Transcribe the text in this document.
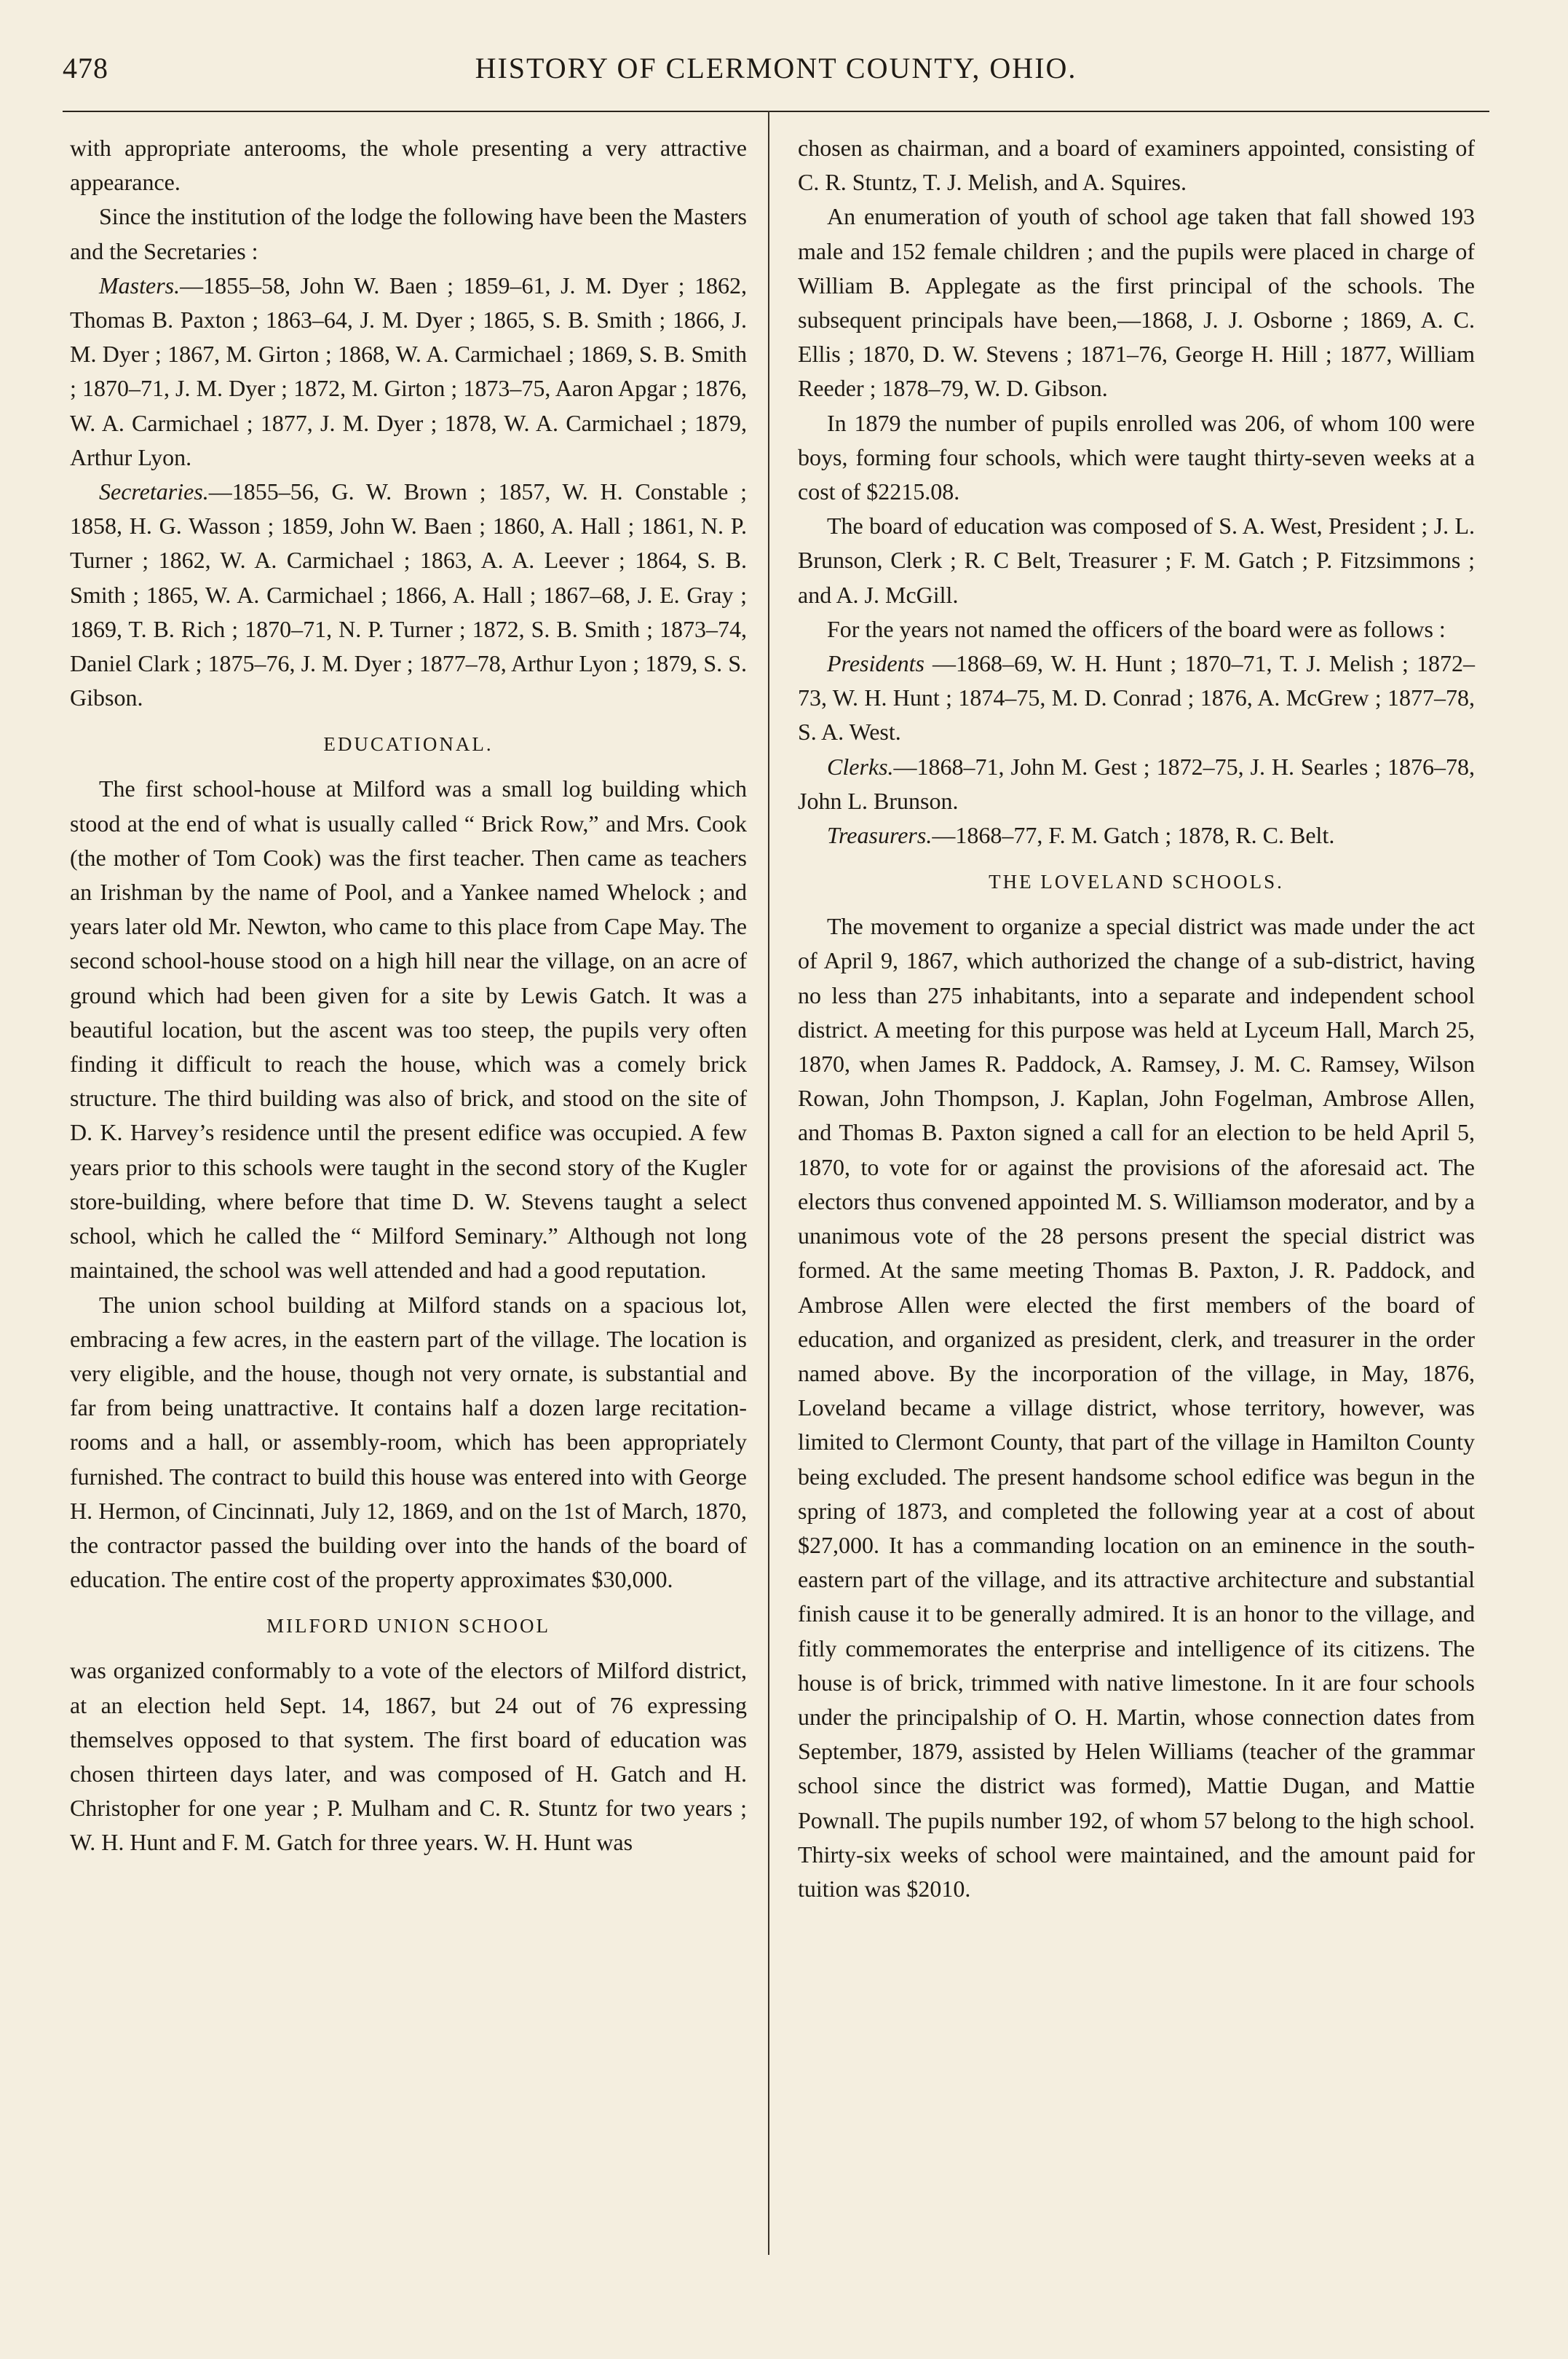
478	HISTORY OF CLERMONT COUNTY, OHIO.

with appropriate anterooms, the whole presenting a very attractive appearance.

Since the institution of the lodge the following have been the Masters and the Secretaries :

Masters.—1855–58, John W. Baen ; 1859–61, J. M. Dyer ; 1862, Thomas B. Paxton ; 1863–64, J. M. Dyer ; 1865, S. B. Smith ; 1866, J. M. Dyer ; 1867, M. Girton ; 1868, W. A. Carmichael ; 1869, S. B. Smith ; 1870–71, J. M. Dyer ; 1872, M. Girton ; 1873–75, Aaron Apgar ; 1876, W. A. Carmichael ; 1877, J. M. Dyer ; 1878, W. A. Carmichael ; 1879, Arthur Lyon.

Secretaries.—1855–56, G. W. Brown ; 1857, W. H. Constable ; 1858, H. G. Wasson ; 1859, John W. Baen ; 1860, A. Hall ; 1861, N. P. Turner ; 1862, W. A. Carmichael ; 1863, A. A. Leever ; 1864, S. B. Smith ; 1865, W. A. Carmichael ; 1866, A. Hall ; 1867–68, J. E. Gray ; 1869, T. B. Rich ; 1870–71, N. P. Turner ; 1872, S. B. Smith ; 1873–74, Daniel Clark ; 1875–76, J. M. Dyer ; 1877–78, Arthur Lyon ; 1879, S. S. Gibson.

EDUCATIONAL.

The first school-house at Milford was a small log building which stood at the end of what is usually called “ Brick Row,” and Mrs. Cook (the mother of Tom Cook) was the first teacher. Then came as teachers an Irishman by the name of Pool, and a Yankee named Whelock ; and years later old Mr. Newton, who came to this place from Cape May. The second school-house stood on a high hill near the village, on an acre of ground which had been given for a site by Lewis Gatch. It was a beautiful location, but the ascent was too steep, the pupils very often finding it difficult to reach the house, which was a comely brick structure. The third building was also of brick, and stood on the site of D. K. Harvey’s residence until the present edifice was occupied. A few years prior to this schools were taught in the second story of the Kugler store-building, where before that time D. W. Stevens taught a select school, which he called the “ Milford Seminary.” Although not long maintained, the school was well attended and had a good reputation.

The union school building at Milford stands on a spacious lot, embracing a few acres, in the eastern part of the village. The location is very eligible, and the house, though not very ornate, is substantial and far from being unattractive. It contains half a dozen large recitation-rooms and a hall, or assembly-room, which has been appropriately furnished. The contract to build this house was entered into with George H. Hermon, of Cincinnati, July 12, 1869, and on the 1st of March, 1870, the contractor passed the building over into the hands of the board of education. The entire cost of the property approximates $30,000.

MILFORD UNION SCHOOL

was organized conformably to a vote of the electors of Milford district, at an election held Sept. 14, 1867, but 24 out of 76 expressing themselves opposed to that system. The first board of education was chosen thirteen days later, and was composed of H. Gatch and H. Christopher for one year ; P. Mulham and C. R. Stuntz for two years ; W. H. Hunt and F. M. Gatch for three years. W. H. Hunt was

chosen as chairman, and a board of examiners appointed, consisting of C. R. Stuntz, T. J. Melish, and A. Squires.

An enumeration of youth of school age taken that fall showed 193 male and 152 female children ; and the pupils were placed in charge of William B. Applegate as the first principal of the schools. The subsequent principals have been,—1868, J. J. Osborne ; 1869, A. C. Ellis ; 1870, D. W. Stevens ; 1871–76, George H. Hill ; 1877, William Reeder ; 1878–79, W. D. Gibson.

In 1879 the number of pupils enrolled was 206, of whom 100 were boys, forming four schools, which were taught thirty-seven weeks at a cost of $2215.08.

The board of education was composed of S. A. West, President ; J. L. Brunson, Clerk ; R. C Belt, Treasurer ; F. M. Gatch ; P. Fitzsimmons ; and A. J. McGill.

For the years not named the officers of the board were as follows :

Presidents —1868–69, W. H. Hunt ; 1870–71, T. J. Melish ; 1872–73, W. H. Hunt ; 1874–75, M. D. Conrad ; 1876, A. McGrew ; 1877–78, S. A. West.

Clerks.—1868–71, John M. Gest ; 1872–75, J. H. Searles ; 1876–78, John L. Brunson.

Treasurers.—1868–77, F. M. Gatch ; 1878, R. C. Belt.

THE LOVELAND SCHOOLS.

The movement to organize a special district was made under the act of April 9, 1867, which authorized the change of a sub-district, having no less than 275 inhabitants, into a separate and independent school district. A meeting for this purpose was held at Lyceum Hall, March 25, 1870, when James R. Paddock, A. Ramsey, J. M. C. Ramsey, Wilson Rowan, John Thompson, J. Kaplan, John Fogelman, Ambrose Allen, and Thomas B. Paxton signed a call for an election to be held April 5, 1870, to vote for or against the provisions of the aforesaid act. The electors thus convened appointed M. S. Williamson moderator, and by a unanimous vote of the 28 persons present the special district was formed. At the same meeting Thomas B. Paxton, J. R. Paddock, and Ambrose Allen were elected the first members of the board of education, and organized as president, clerk, and treasurer in the order named above. By the incorporation of the village, in May, 1876, Loveland became a village district, whose territory, however, was limited to Clermont County, that part of the village in Hamilton County being excluded. The present handsome school edifice was begun in the spring of 1873, and completed the following year at a cost of about $27,000. It has a commanding location on an eminence in the south-eastern part of the village, and its attractive architecture and substantial finish cause it to be generally admired. It is an honor to the village, and fitly commemorates the enterprise and intelligence of its citizens. The house is of brick, trimmed with native limestone. In it are four schools under the principalship of O. H. Martin, whose connection dates from September, 1879, assisted by Helen Williams (teacher of the grammar school since the district was formed), Mattie Dugan, and Mattie Pownall. The pupils number 192, of whom 57 belong to the high school. Thirty-six weeks of school were maintained, and the amount paid for tuition was $2010.
